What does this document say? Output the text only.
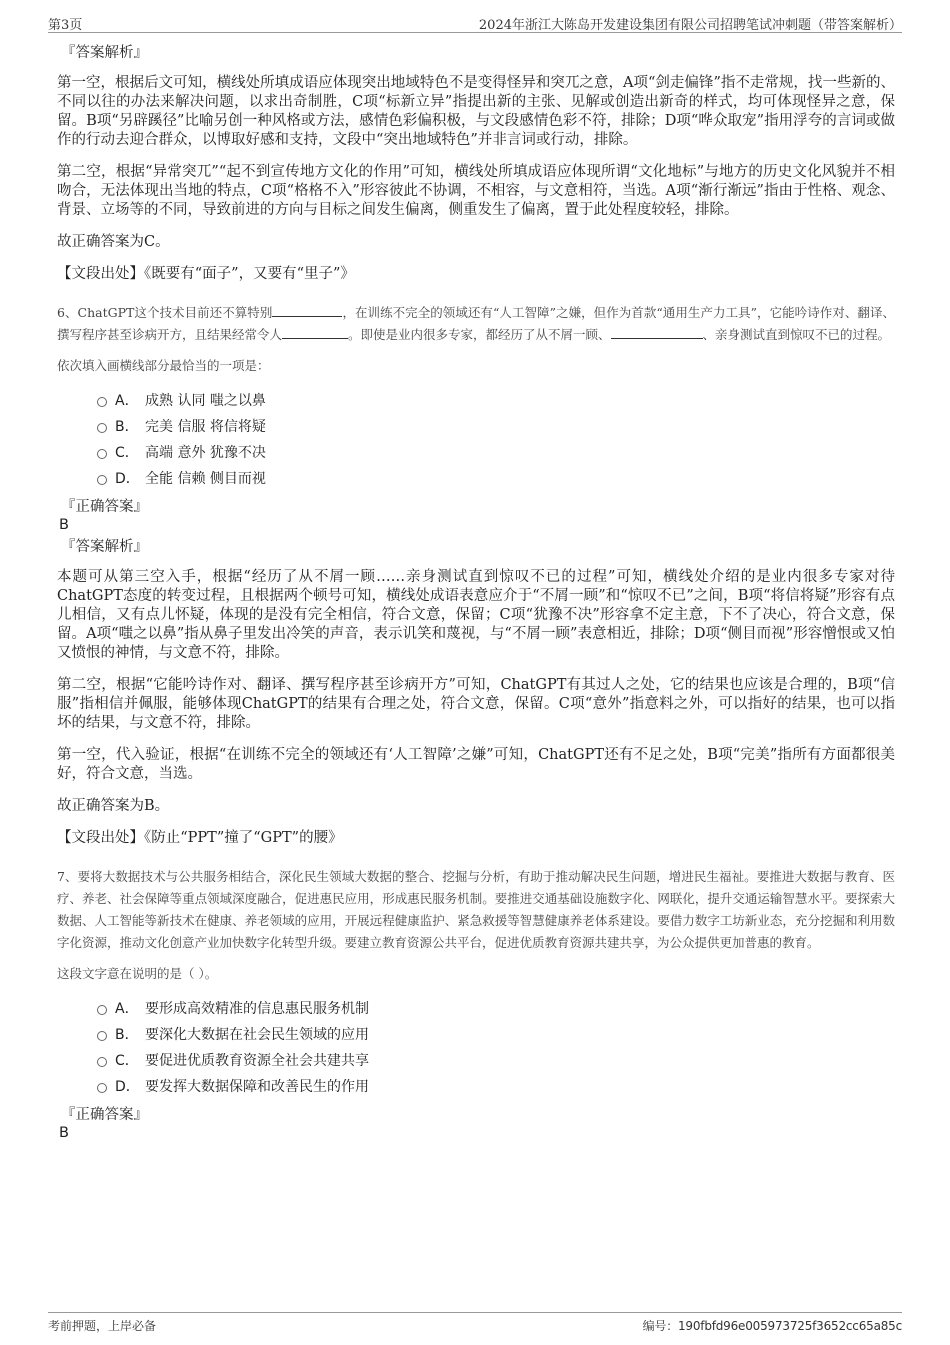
第3页	2024年浙江大陈岛开发建设集团有限公司招聘笔试冲刺题（带答案解析）
『答案解析』

第一空，根据后文可知，横线处所填成语应体现突出地域特色不是变得怪异和突兀之意，A项“剑走偏锋”指不走常规，找一些新的、不同以往的办法来解决问题，以求出奇制胜，C项“标新立异”指提出新的主张、见解或创造出新奇的样式，均可体现怪异之意，保留。B项“另辟蹊径”比喻另创一种风格或方法，感情色彩偏积极，与文段感情色彩不符，排除；D项“哗众取宠”指用浮夸的言词或做作的行动去迎合群众，以博取好感和支持，文段中“突出地域特色”并非言词或行动，排除。

第二空，根据“异常突兀”“起不到宣传地方文化的作用”可知，横线处所填成语应体现所谓“文化地标”与地方的历史文化风貌并不相吻合，无法体现出当地的特点，C项“格格不入”形容彼此不协调，不相容，与文意相符，当选。A项“渐行渐远”指由于性格、观念、背景、立场等的不同，导致前进的方向与目标之间发生偏离，侧重发生了偏离，置于此处程度较轻，排除。

故正确答案为C。

【文段出处】《既要有“面子”，又要有“里子”》

6、ChatGPT这个技术目前还不算特别	，在训练不完全的领域还有“人工智障”之嫌，但作为首款“通用生产力工具”，它能吟诗作对、翻译、撰写程序甚至诊病开方，且结果经常令人	。即使是业内很多专家，都经历了从不屑一顾、	、亲身测试直到惊叹不已的过程。

依次填入画横线部分最恰当的一项是：

A． 成熟 认同 嗤之以鼻
B． 完美 信服 将信将疑
C． 高端 意外 犹豫不决
D． 全能 信赖 侧目而视
『正确答案』
B
『答案解析』

本题可从第三空入手，根据“经历了从不屑一顾……亲身测试直到惊叹不已的过程”可知，横线处介绍的是业内很多专家对待ChatGPT态度的转变过程，且根据两个顿号可知，横线处成语表意应介于“不屑一顾”和“惊叹不已”之间，B项“将信将疑”形容有点儿相信，又有点儿怀疑，体现的是没有完全相信，符合文意，保留；C项“犹豫不决”形容拿不定主意，下不了决心，符合文意，保留。A项“嗤之以鼻”指从鼻子里发出冷笑的声音，表示讥笑和蔑视，与“不屑一顾”表意相近，排除；D项“侧目而视”形容憎恨或又怕又愤恨的神情，与文意不符，排除。

第二空，根据“它能吟诗作对、翻译、撰写程序甚至诊病开方”可知，ChatGPT有其过人之处，它的结果也应该是合理的，B项“信服”指相信并佩服，能够体现ChatGPT的结果有合理之处，符合文意，保留。C项“意外”指意料之外，可以指好的结果，也可以指坏的结果，与文意不符，排除。

第一空，代入验证，根据“在训练不完全的领域还有‘人工智障’之嫌”可知，ChatGPT还有不足之处，B项“完美”指所有方面都很美好，符合文意，当选。

故正确答案为B。

【文段出处】《防止“PPT”撞了“GPT”的腰》

7、要将大数据技术与公共服务相结合，深化民生领域大数据的整合、挖掘与分析，有助于推动解决民生问题，增进民生福祉。要推进大数据与教育、医疗、养老、社会保障等重点领域深度融合，促进惠民应用，形成惠民服务机制。要推进交通基础设施数字化、网联化，提升交通运输智慧水平。要探索大数据、人工智能等新技术在健康、养老领域的应用，开展远程健康监护、紧急救援等智慧健康养老体系建设。要借力数字工坊新业态，充分挖掘和利用数字化资源，推动文化创意产业加快数字化转型升级。要建立教育资源公共平台，促进优质教育资源共建共享，为公众提供更加普惠的教育。

这段文字意在说明的是（ ）。

A． 要形成高效精准的信息惠民服务机制
B． 要深化大数据在社会民生领域的应用
C． 要促进优质教育资源全社会共建共享
D． 要发挥大数据保障和改善民生的作用
『正确答案』
B
考前押题，上岸必备	编号：190fbfd96e005973725f3652cc65a85c
